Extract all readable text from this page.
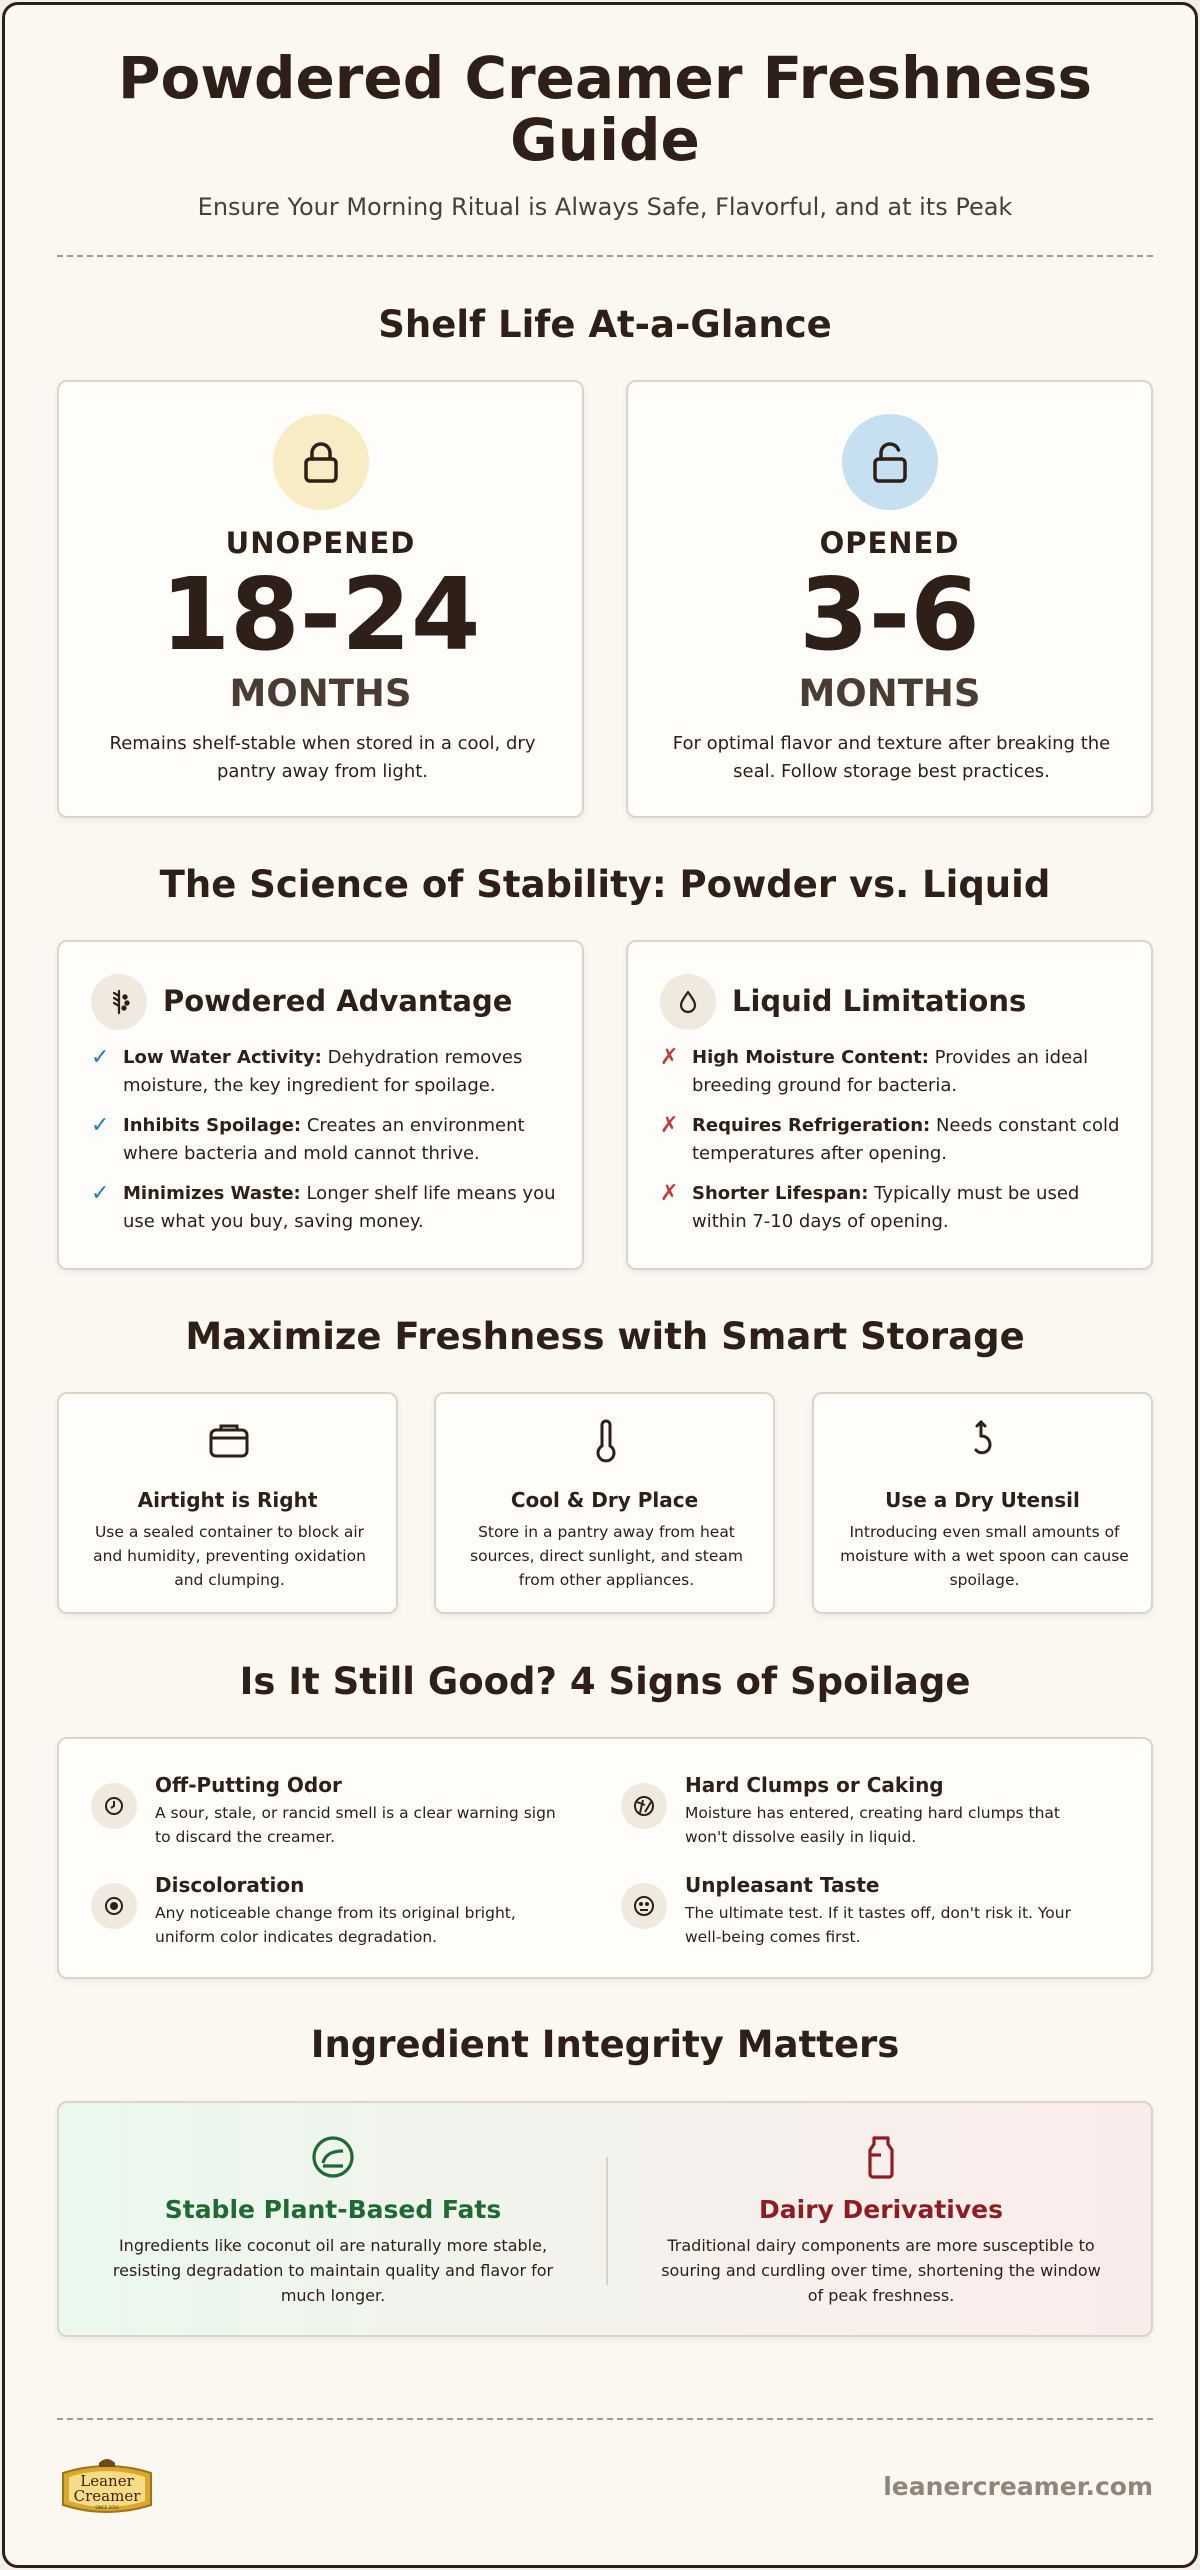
Powdered Creamer Freshness Guide
Ensure Your Morning Ritual is Always Safe, Flavorful, and at its Peak
Shelf Life At-a-Glance
UNOPENED
18-24
MONTHS
Remains shelf-stable when stored in a cool, dry pantry away from light.
OPENED
3-6
MONTHS
For optimal flavor and texture after breaking the seal. Follow storage best practices.
The Science of Stability: Powder vs. Liquid
Powdered Advantage
✓ Low Water Activity: Dehydration removes moisture, the key ingredient for spoilage.
✓ Inhibits Spoilage: Creates an environment where bacteria and mold cannot thrive.
✓ Minimizes Waste: Longer shelf life means you use what you buy, saving money.
Liquid Limitations
✗ High Moisture Content: Provides an ideal breeding ground for bacteria.
✗ Requires Refrigeration: Needs constant cold temperatures after opening.
✗ Shorter Lifespan: Typically must be used within 7-10 days of opening.
Maximize Freshness with Smart Storage
Airtight is Right
Use a sealed container to block air and humidity, preventing oxidation and clumping.
Cool & Dry Place
Store in a pantry away from heat sources, direct sunlight, and steam from other appliances.
Use a Dry Utensil
Introducing even small amounts of moisture with a wet spoon can cause spoilage.
Is It Still Good? 4 Signs of Spoilage
Off-Putting Odor
A sour, stale, or rancid smell is a clear warning sign to discard the creamer.
Hard Clumps or Caking
Moisture has entered, creating hard clumps that won't dissolve easily in liquid.
Discoloration
Any noticeable change from its original bright, uniform color indicates degradation.
Unpleasant Taste
The ultimate test. If it tastes off, don't risk it. Your well-being comes first.
Ingredient Integrity Matters
Stable Plant-Based Fats
Ingredients like coconut oil are naturally more stable, resisting degradation to maintain quality and flavor for much longer.
Dairy Derivatives
Traditional dairy components are more susceptible to souring and curdling over time, shortening the window of peak freshness.
Leaner
Creamer
SINCE 2016
leanercreamer.com
